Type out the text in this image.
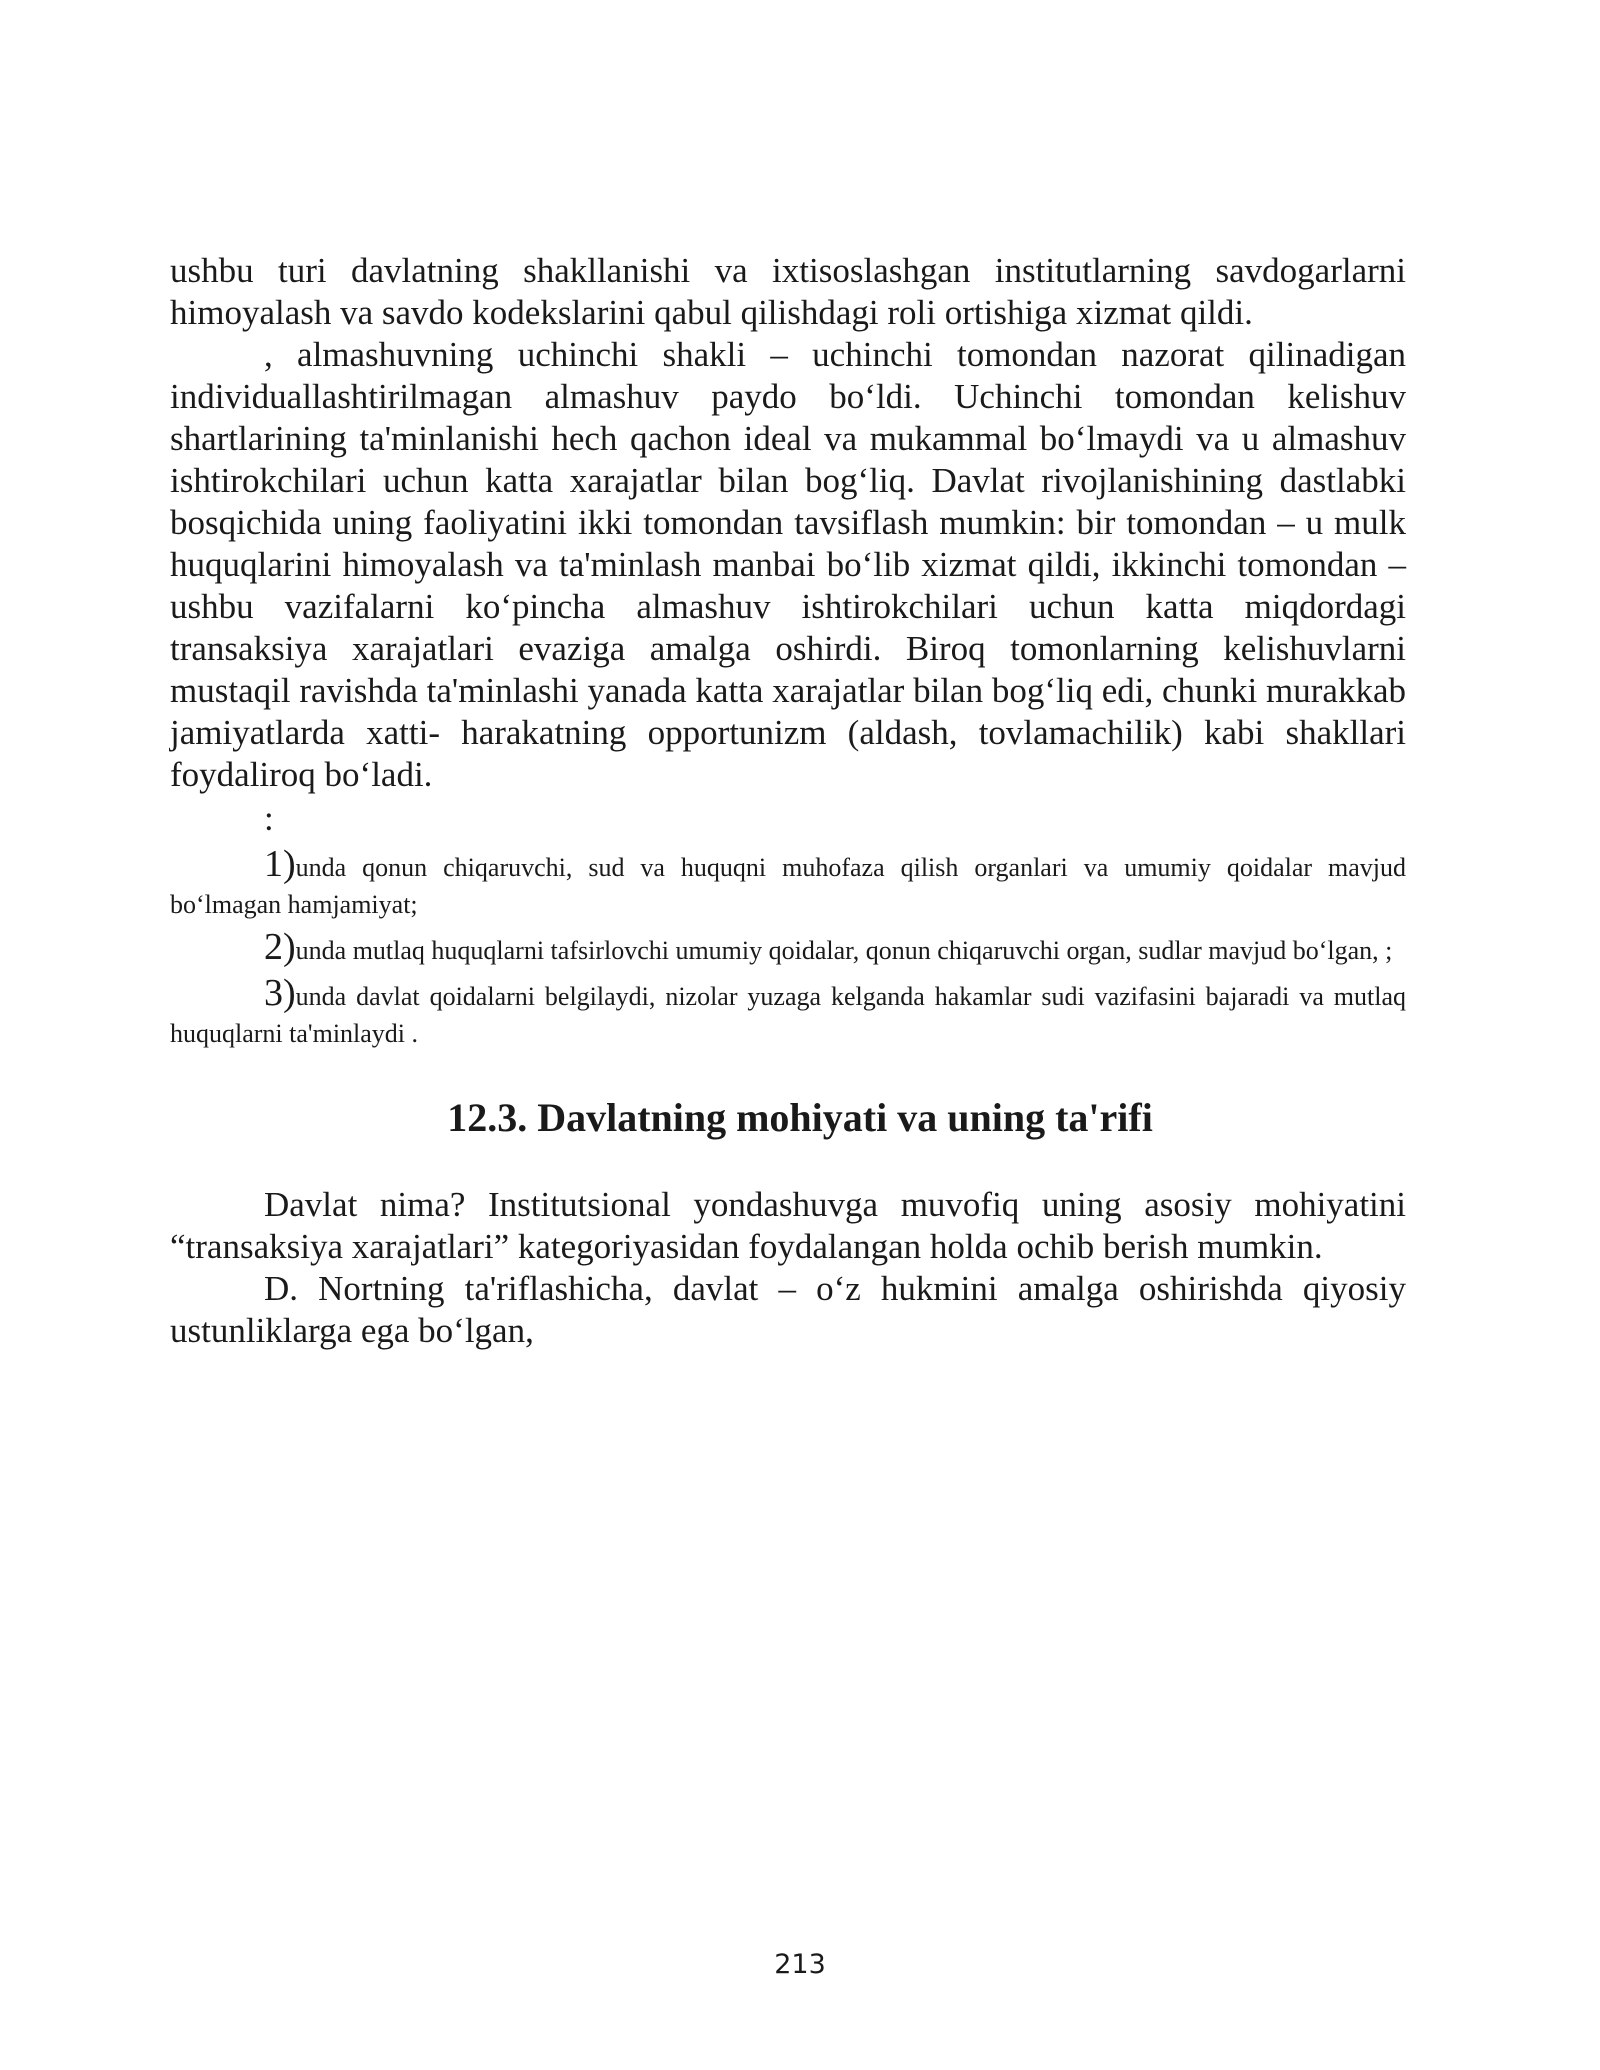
ushbu turi davlatning shakllanishi va ixtisoslashgan institutlarning savdogarlarni himoyalash va savdo kodekslarini qabul qilishdagi roli ortishiga xizmat qildi.

, almashuvning uchinchi shakli – uchinchi tomondan nazorat qilinadigan individuallashtirilmagan almashuv paydo bo‘ldi. Uchinchi tomondan kelishuv shartlarining ta'minlanishi hech qachon ideal va mukammal bo‘lmaydi va u almashuv ishtirokchilari uchun katta xarajatlar bilan bog‘liq. Davlat rivojlanishining dastlabki bosqichida uning faoliyatini ikki tomondan tavsiflash mumkin: bir tomondan – u mulk huquqlarini himoyalash va ta'minlash manbai bo‘lib xizmat qildi, ikkinchi tomondan – ushbu vazifalarni ko‘pincha almashuv ishtirokchilari uchun katta miqdordagi transaksiya xarajatlari evaziga amalga oshirdi. Biroq tomonlarning kelishuvlarni mustaqil ravishda ta'minlashi yanada katta xarajatlar bilan bog‘liq edi, chunki murakkab jamiyatlarda xatti- harakatning opportunizm (aldash, tovlamachilik) kabi shakllari foydaliroq bo‘ladi.

:

1)unda qonun chiqaruvchi, sud va huquqni muhofaza qilish organlari va umumiy qoidalar mavjud bo‘lmagan hamjamiyat;

2)unda mutlaq huquqlarni tafsirlovchi umumiy qoidalar, qonun chiqaruvchi organ, sudlar mavjud bo‘lgan, ;

3)unda davlat qoidalarni belgilaydi, nizolar yuzaga kelganda hakamlar sudi vazifasini bajaradi va mutlaq huquqlarni ta'minlaydi .

12.3. Davlatning mohiyati va uning ta'rifi

Davlat nima? Institutsional yondashuvga muvofiq uning asosiy mohiyatini “transaksiya xarajatlari” kategoriyasidan foydalangan holda ochib berish mumkin.

D. Nortning ta'riflashicha, davlat – o‘z hukmini amalga oshirishda qiyosiy ustunliklarga ega bo‘lgan,

213
